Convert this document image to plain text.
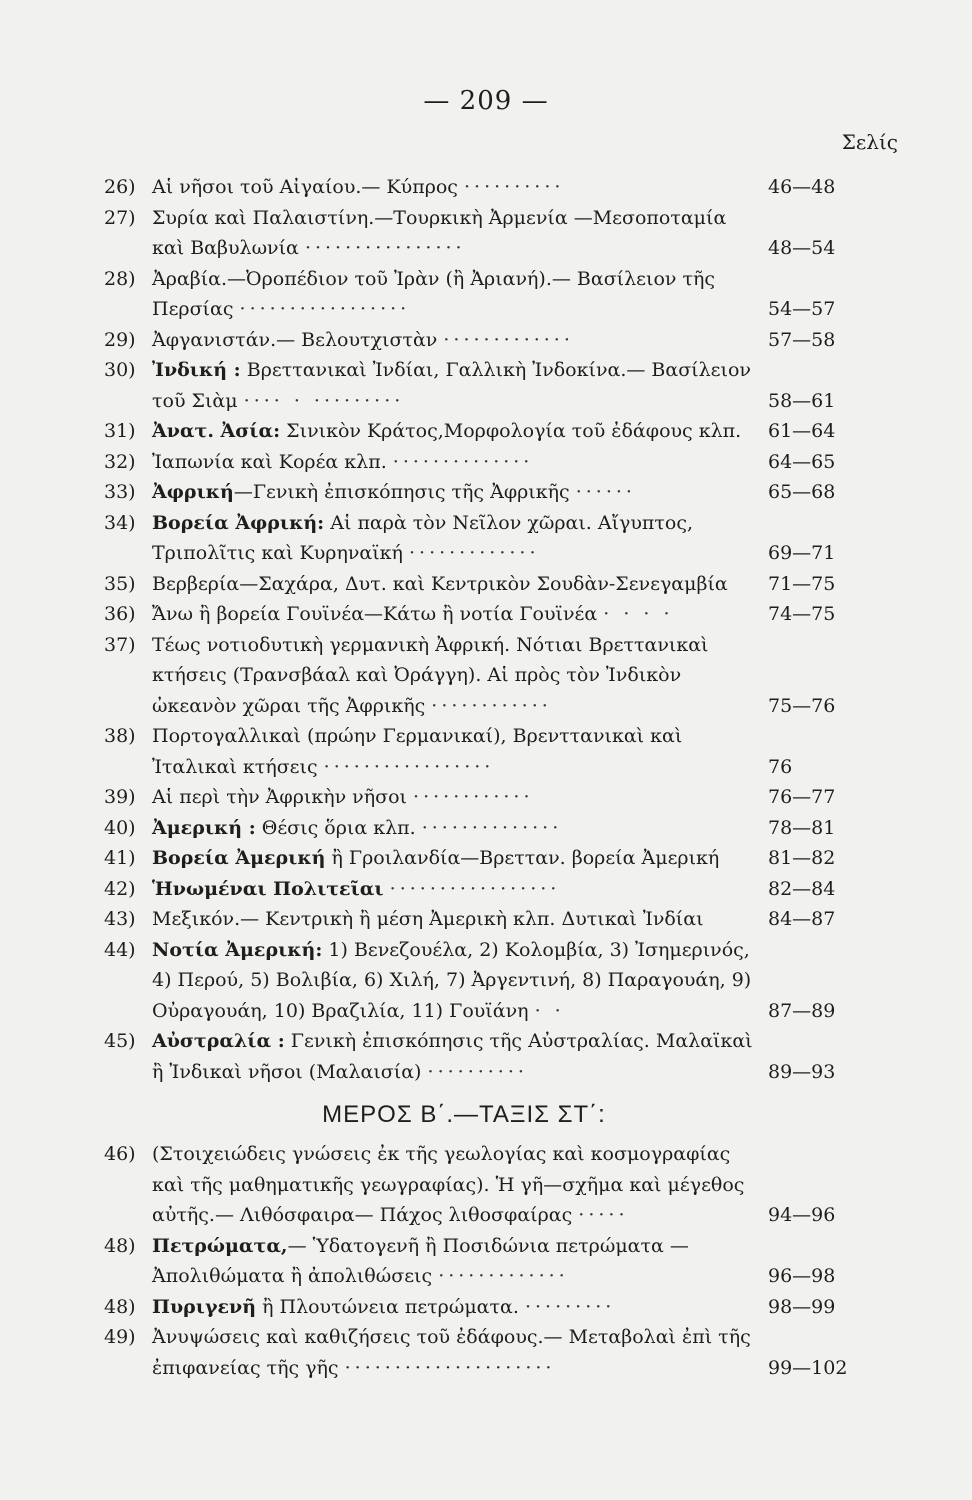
— 209 —
Σελίς
26) Αἱ νῆσοι τοῦ Αἰγαίου.— Κύπρος ··········	46—48
27) Συρία καὶ Παλαιστίνη.—Τουρκικὴ Ἀρμενία —Μεσοποταμία καὶ Βαβυλωνία ················	48—54
28) Ἀραβία.—Ὀροπέδιον τοῦ Ἰρὰν (ἢ Ἀριανή).— Βασίλειον τῆς Περσίας ·················	54—57
29) Ἀφγανιστάν.— Βελουτχιστὰν ·············	57—58
30) Ἰνδική : Βρεττανικαὶ Ἰνδίαι, Γαλλικὴ Ἰνδοκίνα.— Βασίλειον τοῦ Σιὰμ ···· · ·········	58—61
31) Ἀνατ. Ἀσία: Σινικὸν Κράτος,Μορφολογία τοῦ ἐδάφους κλπ.	61—64
32) Ἰαπωνία καὶ Κορέα κλπ. ··············	64—65
33) Ἀφρική—Γενικὴ ἐπισκόπησις τῆς Ἀφρικῆς ······	65—68
34) Βορεία Ἀφρική: Αἱ παρὰ τὸν Νεῖλον χῶραι. Αἴγυπτος, Τριπολῖτις καὶ Κυρηναϊκή ·············	69—71
35) Βερβερία—Σαχάρα, Δυτ. καὶ Κεντρικὸν Σουδὰν-Σενεγαμβία	71—75
36) Ἄνω ἢ βορεία Γουϊνέα—Κάτω ἢ νοτία Γουϊνέα · · · ·	74—75
37) Τέως νοτιοδυτικὴ γερμανικὴ Ἀφρική. Νότιαι Βρεττανικαὶ κτήσεις (Τρανσβάαλ καὶ Ὀράγγη). Αἱ πρὸς τὸν Ἰνδικὸν ὠκεανὸν χῶραι τῆς Ἀφρικῆς ············	75—76
38) Πορτογαλλικαὶ (πρώην Γερμανικαί), Βρενττανικαὶ καὶ Ἰταλικαὶ κτήσεις ·················	76
39) Αἱ περὶ τὴν Ἀφρικὴν νῆσοι ············	76—77
40) Ἀμερική : Θέσις ὅρια κλπ. ··············	78—81
41) Βορεία Ἀμερική ἢ Γροιλανδία—Βρετταν. βορεία Ἀμερική	81—82
42) Ἡνωμέναι Πολιτεῖαι ·················	82—84
43) Μεξικόν.— Κεντρικὴ ἢ μέση Ἀμερικὴ κλπ. Δυτικαὶ Ἰνδίαι	84—87
44) Νοτία Ἀμερική: 1) Βενεζουέλα, 2) Κολομβία, 3) Ἰσημερινός, 4) Περού, 5) Βολιβία, 6) Χιλή, 7) Ἀργεντινή, 8) Παραγουάη, 9) Οὐραγουάη, 10) Βραζιλία, 11) Γουϊάνη · ·	87—89
45) Αὐστραλία : Γενικὴ ἐπισκόπησις τῆς Αὐστραλίας. Μαλαϊκαὶ ἢ Ἰνδικαὶ νῆσοι (Μαλαισία) ··········	89—93
ΜΕΡΟΣ Β΄.—ΤΑΞΙΣ ΣΤ΄:
46) (Στοιχειώδεις γνώσεις ἐκ τῆς γεωλογίας καὶ κοσμογραφίας καὶ τῆς μαθηματικῆς γεωγραφίας). Ἡ γῆ—σχῆμα καὶ μέγεθος αὐτῆς.— Λιθόσφαιρα— Πάχος λιθοσφαίρας ·····	94—96
48) Πετρώματα,— Ὑδατογενῆ ἢ Ποσιδώνια πετρώματα —Ἀπολιθώματα ἢ ἀπολιθώσεις ·············	96—98
48) Πυριγενῆ ἢ Πλουτώνεια πετρώματα. ·········	98—99
49) Ἀνυψώσεις καὶ καθιζήσεις τοῦ ἐδάφους.— Μεταβολαὶ ἐπὶ τῆς ἐπιφανείας τῆς γῆς ·····················	99—102
